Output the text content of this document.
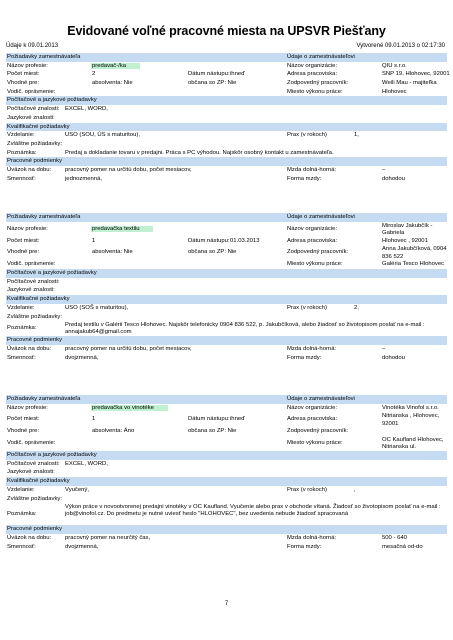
Evidované voľné pracovné miesta na UPSVR Piešťany
Údaje k 09.01.2013	Vytvorené 09.01.2013 o 02:17:30
Požiadavky zamestnávateľa	Údaje o zamestnávateľovi
Názov profesie:	predavač-/ka	Názov organizácie:	QIU s.r.o.
Počet miest:	2	Dátum nástupu: ihneď	Adresa pracoviska:	SNP 19, Hlohovec, 92001
Vhodné pre:	absolventa: Nie	občana so ZP: Nie	Zodpovedný pracovník:	Weili Mau - majiteľka
Vodič. oprávnenie:	Miesto výkonu práce:	Hlohovec
Počítačové a jazykové požiadavky
Počítačové znalosti: EXCEL, WORD,
Jazykové znalosti:
Kvalifikačné požiadavky
Vzdelanie:	USO (SOU, ÚS s maturitou),	Prax (v rokoch)	1,
Zvláštne požiadavky:
Poznámka:	Predaj a dokladanie tovaru v predajni. Práca s PC výhodou. Najskôr osobný kontakt u zamestnávateľa.
Pracovné podmienky
Úväzok na dobu: pracovný pomer na určitú dobu, počet mesiacov,	Mzda dolná-horná:	–
Smennosť:	jednozmenná,	Forma mzdy:	dohodou
Požiadavky zamestnávateľa	Údaje o zamestnávateľovi
Názov profesie:	predavačka textilu	Názov organizácie:	Miroslav Jakubčík - Gabriela
Počet miest:	1	Dátum nástupu: 01.03.2013	Adresa pracoviska:	Hlohovec , 92001
Vhodné pre:	absolventa: Nie	občana so ZP: Nie	Zodpovedný pracovník:	Anna Jakubčíková, 0904 836 522
Vodič. oprávnenie:	Miesto výkonu práce:	Galéria Tesco Hlohovec
Počítačové a jazykové požiadavky
Počítačové znalosti:
Jazykové znalosti:
Kvalifikačné požiadavky
Vzdelanie:	USO (SOŠ s maturitou),	Prax (v rokoch)	2,
Zvláštne požiadavky:
Poznámka:	Predaj textilu v Galérii Tesco Hlohovec. Najskôr telefonicky 0904 836 522, p. Jakubčíková, alebo žiadosť so životopisom poslať na e-mail : annajakub64@gmail.com
Pracovné podmienky
Úväzok na dobu: pracovný pomer na určitú dobu, počet mesiacov,	Mzda dolná-horná:	–
Smennosť:	dvojzmenná,	Forma mzdy:	dohodou
Požiadavky zamestnávateľa	Údaje o zamestnávateľovi
Názov profesie:	predavačka vo vinotéke	Názov organizácie:	Vinotéka Vinofol s.r.o.
Počet miest:	1	Dátum nástupu: ihneď	Adresa pracoviska:	Nitrianska , Hlohovec, 92001
Vhodné pre:	absolventa: Áno	občana so ZP: Nie	Zodpovedný pracovník:
Vodič. oprávnenie:	Miesto výkonu práce:	OC Kaufland Hlohovec, Nitrianska ul.
Počítačové a jazykové požiadavky
Počítačové znalosti: EXCEL, WORD,
Jazykové znalosti:
Kvalifikačné požiadavky
Vzdelanie:	Vyučený,	Prax (v rokoch)	,
Zvláštne požiadavky:
Poznámka:
Výkon práce v novootvorenej predajni vinotéky v OC Kaufland. Vyučenie alebo prax v obchode vítaná. Žiadosť so životopisom poslať na e-mail : job@vinofol.cz. Do predmetu je nutné uviesť heslo "HLOHOVEC", bez uvedenia nebude žiadosť spracovaná
Pracovné podmienky
Úväzok na dobu: pracovný pomer na neurčitý čas,	Mzda dolná-horná:	500 - 640
Smennosť:	dvojzmenná,	Forma mzdy:	mesačná od-do
7
